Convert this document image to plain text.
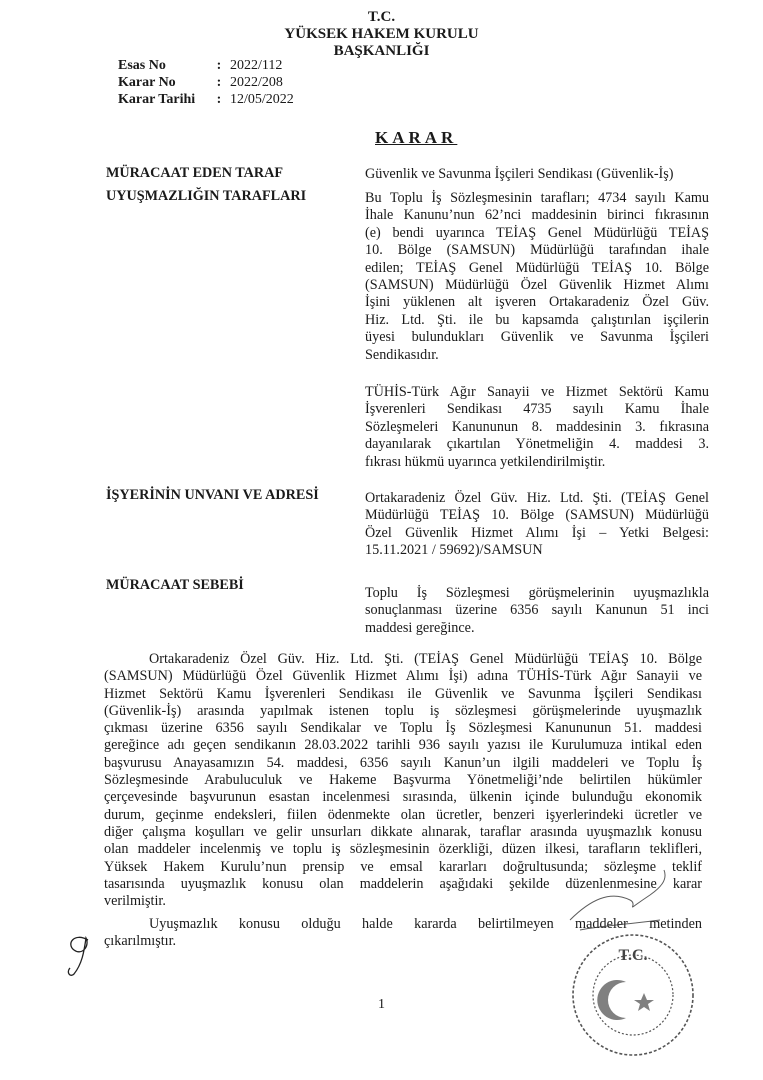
T.C.
YÜKSEK HAKEM KURULU
BAŞKANLIĞI
Esas No	: 2022/112
Karar No	: 2022/208
Karar Tarihi : 12/05/2022
KARAR
MÜRACAAT EDEN TARAF	Güvenlik ve Savunma İşçileri Sendikası (Güvenlik-İş)
UYUŞMAZLIĞIN TARAFLARI	Bu Toplu İş Sözleşmesinin tarafları; 4734 sayılı Kamu
İhale Kanunu’nun 62’nci maddesinin birinci fıkrasının
(e) bendi uyarınca TEİAŞ Genel Müdürlüğü TEİAŞ
10. Bölge (SAMSUN) Müdürlüğü tarafından ihale
edilen; TEİAŞ Genel Müdürlüğü TEİAŞ 10. Bölge
(SAMSUN) Müdürlüğü Özel Güvenlik Hizmet Alımı
İşini yüklenen alt işveren Ortakaradeniz Özel Güv.
Hiz. Ltd. Şti. ile bu kapsamda çalıştırılan işçilerin
üyesi bulundukları Güvenlik ve Savunma İşçileri
Sendikasıdır.
TÜHİS-Türk Ağır Sanayii ve Hizmet Sektörü Kamu
İşverenleri Sendikası 4735 sayılı Kamu İhale
Sözleşmeleri Kanununun 8. maddesinin 3. fıkrasına
dayanılarak çıkartılan Yönetmeliğin 4. maddesi 3.
fıkrası hükmü uyarınca yetkilendirilmiştir.
İŞYERİNİN UNVANI VE ADRESİ	Ortakaradeniz Özel Güv. Hiz. Ltd. Şti. (TEİAŞ Genel
Müdürlüğü TEİAŞ 10. Bölge (SAMSUN) Müdürlüğü
Özel Güvenlik Hizmet Alımı İşi – Yetki Belgesi:
15.11.2021 / 59692)/SAMSUN
MÜRACAAT SEBEBİ	Toplu İş Sözleşmesi görüşmelerinin uyuşmazlıkla
sonuçlanması üzerine 6356 sayılı Kanunun 51 inci
maddesi gereğince.
Ortakaradeniz Özel Güv. Hiz. Ltd. Şti. (TEİAŞ Genel Müdürlüğü TEİAŞ 10. Bölge
(SAMSUN) Müdürlüğü Özel Güvenlik Hizmet Alımı İşi) adına TÜHİS-Türk Ağır Sanayii ve
Hizmet Sektörü Kamu İşverenleri Sendikası ile Güvenlik ve Savunma İşçileri Sendikası
(Güvenlik-İş) arasında yapılmak istenen toplu iş sözleşmesi görüşmelerinde uyuşmazlık
çıkması üzerine 6356 sayılı Sendikalar ve Toplu İş Sözleşmesi Kanununun 51. maddesi
gereğince adı geçen sendikanın 28.03.2022 tarihli 936 sayılı yazısı ile Kurulumuza intikal eden
başvurusu Anayasamızın 54. maddesi, 6356 sayılı Kanun’un ilgili maddeleri ve Toplu İş
Sözleşmesinde Arabuluculuk ve Hakeme Başvurma Yönetmeliği’nde belirtilen hükümler
çerçevesinde başvurunun esastan incelenmesi sırasında, ülkenin içinde bulunduğu ekonomik
durum, geçinme endeksleri, fiilen ödenmekte olan ücretler, benzeri işyerlerindeki ücretler ve
diğer çalışma koşulları ve gelir unsurları dikkate alınarak, taraflar arasında uyuşmazlık konusu
olan maddeler incelenmiş ve toplu iş sözleşmesinin özerkliği, düzen ilkesi, tarafların teklifleri,
Yüksek Hakem Kurulu’nun prensip ve emsal kararları doğrultusunda; sözleşme teklif
tasarısında uyuşmazlık konusu olan maddelerin aşağıdaki şekilde düzenlenmesine karar
verilmiştir.
Uyuşmazlık konusu olduğu halde kararda belirtilmeyen maddeler metinden
çıkarılmıştır.
T.C.
1
